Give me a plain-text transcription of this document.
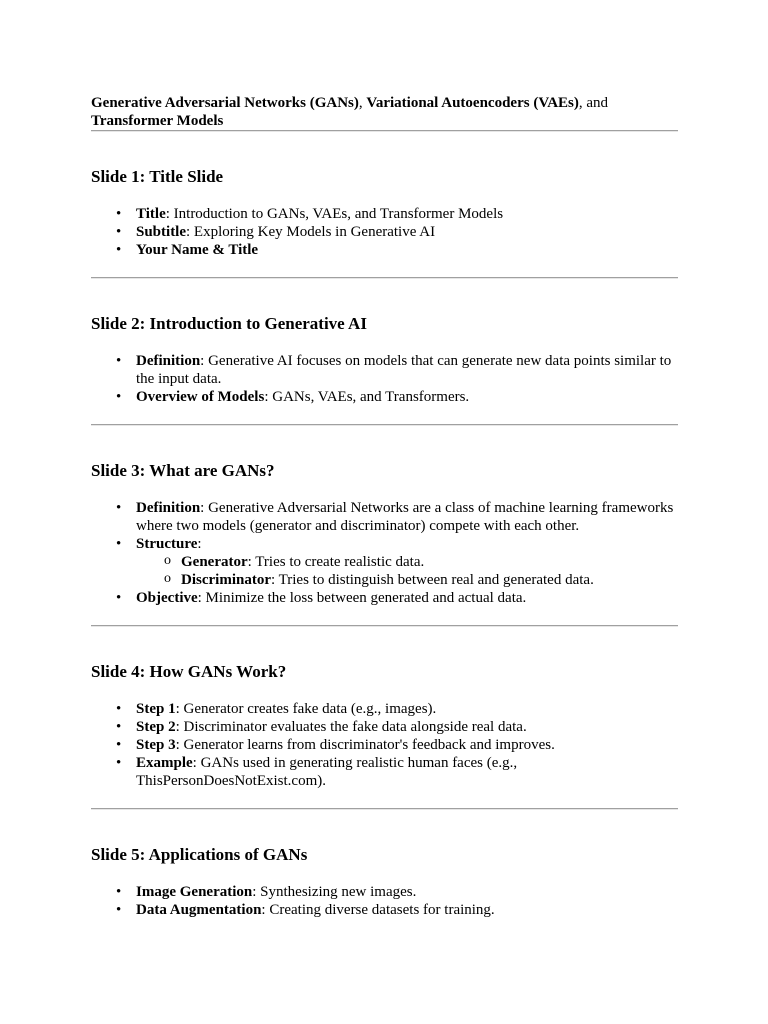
Generative Adversarial Networks (GANs), Variational Autoencoders (VAEs), and
Transformer Models

Slide 1: Title Slide
• Title: Introduction to GANs, VAEs, and Transformer Models
• Subtitle: Exploring Key Models in Generative AI
• Your Name & Title
Slide 2: Introduction to Generative AI
• Definition: Generative AI focuses on models that can generate new data points similar to the input data.
• Overview of Models: GANs, VAEs, and Transformers.
Slide 3: What are GANs?
• Definition: Generative Adversarial Networks are a class of machine learning frameworks where two models (generator and discriminator) compete with each other.
• Structure:
o Generator: Tries to create realistic data.
o Discriminator: Tries to distinguish between real and generated data.
• Objective: Minimize the loss between generated and actual data.
Slide 4: How GANs Work?
• Step 1: Generator creates fake data (e.g., images).
• Step 2: Discriminator evaluates the fake data alongside real data.
• Step 3: Generator learns from discriminator's feedback and improves.
• Example: GANs used in generating realistic human faces (e.g., ThisPersonDoesNotExist.com).
Slide 5: Applications of GANs
• Image Generation: Synthesizing new images.
• Data Augmentation: Creating diverse datasets for training.
